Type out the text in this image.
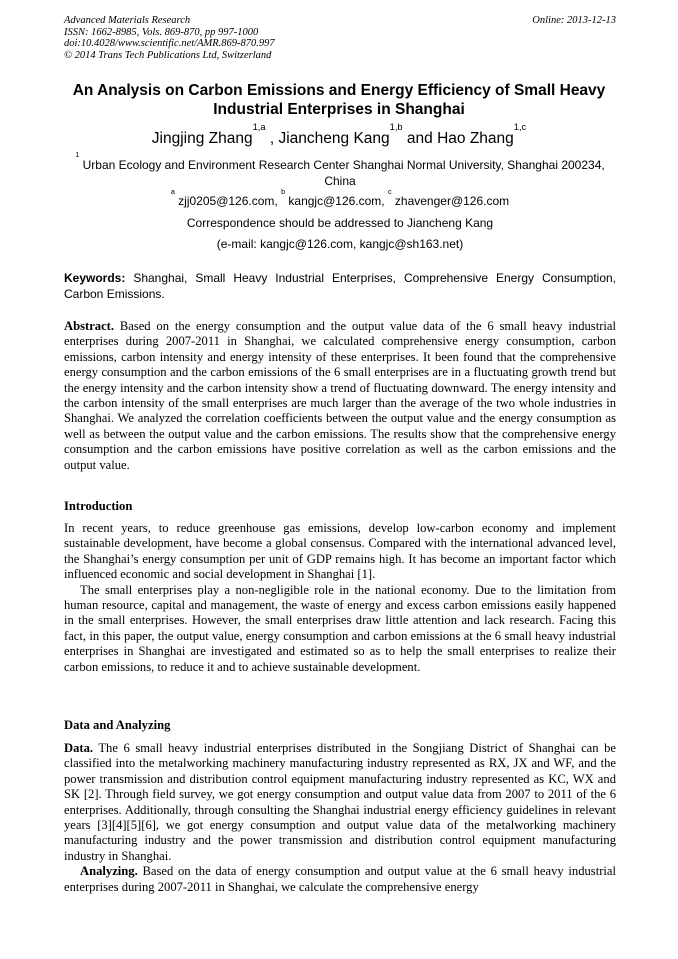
Advanced Materials Research
ISSN: 1662-8985, Vols. 869-870, pp 997-1000
doi:10.4028/www.scientific.net/AMR.869-870.997
© 2014 Trans Tech Publications Ltd, Switzerland
Online: 2013-12-13
An Analysis on Carbon Emissions and Energy Efficiency of Small Heavy Industrial Enterprises in Shanghai
Jingjing Zhang$^{1,a}$ , Jiancheng Kang$^{1,b}$ and Hao Zhang$^{1,c}$
$^1$ Urban Ecology and Environment Research Center Shanghai Normal University, Shanghai 200234,
China
$^a$ zjj0205@126.com, $^b$ kangjc@126.com, $^c$ zhavenger@126.com
Correspondence should be addressed to Jiancheng Kang
(e-mail: kangjc@126.com, kangjc@sh163.net)
Keywords: Shanghai, Small Heavy Industrial Enterprises, Comprehensive Energy Consumption, Carbon Emissions.
Abstract. Based on the energy consumption and the output value data of the 6 small heavy industrial enterprises during 2007-2011 in Shanghai, we calculated comprehensive energy consumption, carbon emissions, carbon intensity and energy intensity of these enterprises. It been found that the comprehensive energy consumption and the carbon emissions of the 6 small enterprises are in a fluctuating growth trend but the energy intensity and the carbon intensity show a trend of fluctuating downward. The energy intensity and the carbon intensity of the small enterprises are much larger than the average of the two whole industries in Shanghai. We analyzed the correlation coefficients between the output value and the energy consumption as well as between the output value and the carbon emissions. The results show that the comprehensive energy consumption and the carbon emissions have positive correlation as well as the carbon emissions and the output value.
Introduction

In recent years, to reduce greenhouse gas emissions, develop low-carbon economy and implement sustainable development, have become a global consensus. Compared with the international advanced level, the Shanghai’s energy consumption per unit of GDP remains high. It has become an important factor which influenced economic and social development in Shanghai [1].

The small enterprises play a non-negligible role in the national economy. Due to the limitation from human resource, capital and management, the waste of energy and excess carbon emissions easily happened in the small enterprises. However, the small enterprises draw little attention and lack research. Facing this fact, in this paper, the output value, energy consumption and carbon emissions at the 6 small heavy industrial enterprises in Shanghai are investigated and estimated so as to help the small enterprises to realize their carbon emissions, to reduce it and to achieve sustainable development.

Data and Analyzing

Data. The 6 small heavy industrial enterprises distributed in the Songjiang District of Shanghai can be classified into the metalworking machinery manufacturing industry represented as RX, JX and WF, and the power transmission and distribution control equipment manufacturing industry represented as KC, WX and SK [2]. Through field survey, we got energy consumption and output value data from 2007 to 2011 of the 6 enterprises. Additionally, through consulting the Shanghai industrial energy efficiency guidelines in relevant years [3][4][5][6], we got energy consumption and output value data of the metalworking machinery manufacturing industry and the power transmission and distribution control equipment manufacturing industry in Shanghai.

Analyzing. Based on the data of energy consumption and output value at the 6 small heavy industrial enterprises during 2007-2011 in Shanghai, we calculate the comprehensive energy
